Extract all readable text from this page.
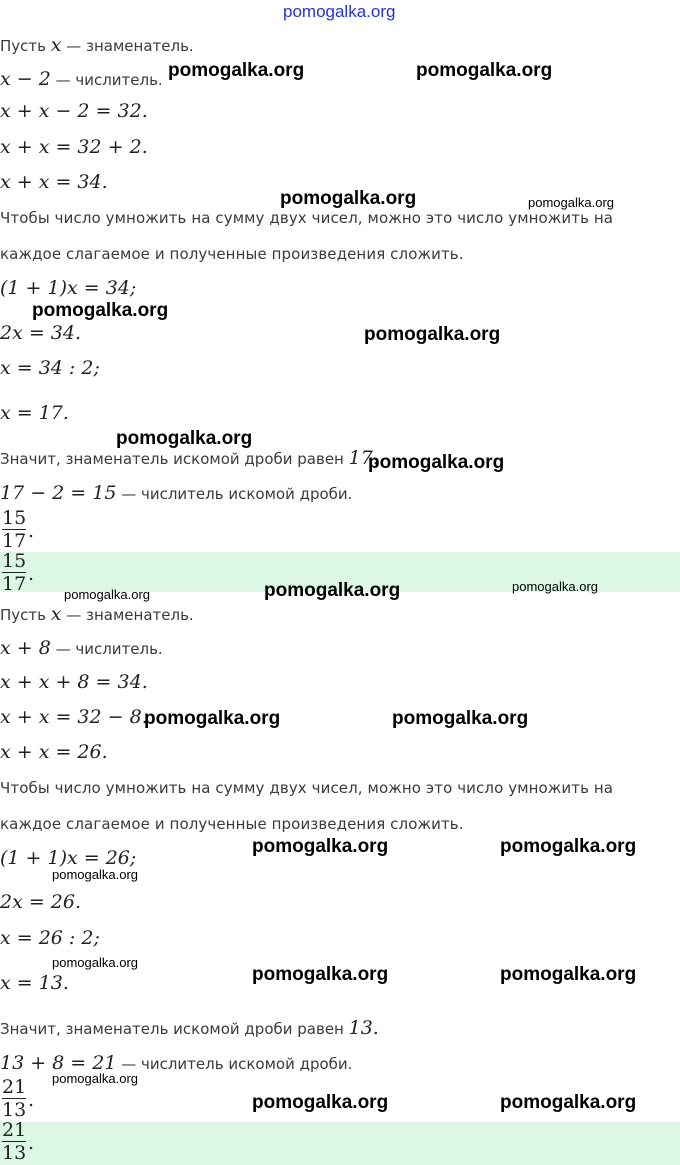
pomogalka.org
Пусть x — знаменатель.
x − 2 — числитель.
x + x − 2 = 32.
x + x = 32 + 2.
x + x = 34.
Чтобы число умножить на сумму двух чисел, можно это число умножить на
каждое слагаемое и полученные произведения сложить.
(1 + 1)x = 34;
2x = 34.
x = 34 : 2;
x = 17.
Значит, знаменатель искомой дроби равен 17.
17 − 2 = 15 — числитель искомой дроби.
15
17 .
15
17 .
Пусть x — знаменатель.
x + 8 — числитель.
x + x + 8 = 34.
x + x = 32 − 8.
x + x = 26.
Чтобы число умножить на сумму двух чисел, можно это число умножить на
каждое слагаемое и полученные произведения сложить.
(1 + 1)x = 26;
2x = 26.
x = 26 : 2;
x = 13.
Значит, знаменатель искомой дроби равен 13.
13 + 8 = 21 — числитель искомой дроби.
21
13 .
21
13 .
pomogalka.org	pomogalka.org
pomogalka.org	pomogalka.org
pomogalka.org
pomogalka.org
pomogalka.org
pomogalka.org
pomogalka.org	pomogalka.org	pomogalka.org
pomogalka.org	pomogalka.org
pomogalka.org	pomogalka.org
pomogalka.org
pomogalka.org
pomogalka.org	pomogalka.org
pomogalka.org
pomogalka.org	pomogalka.org
